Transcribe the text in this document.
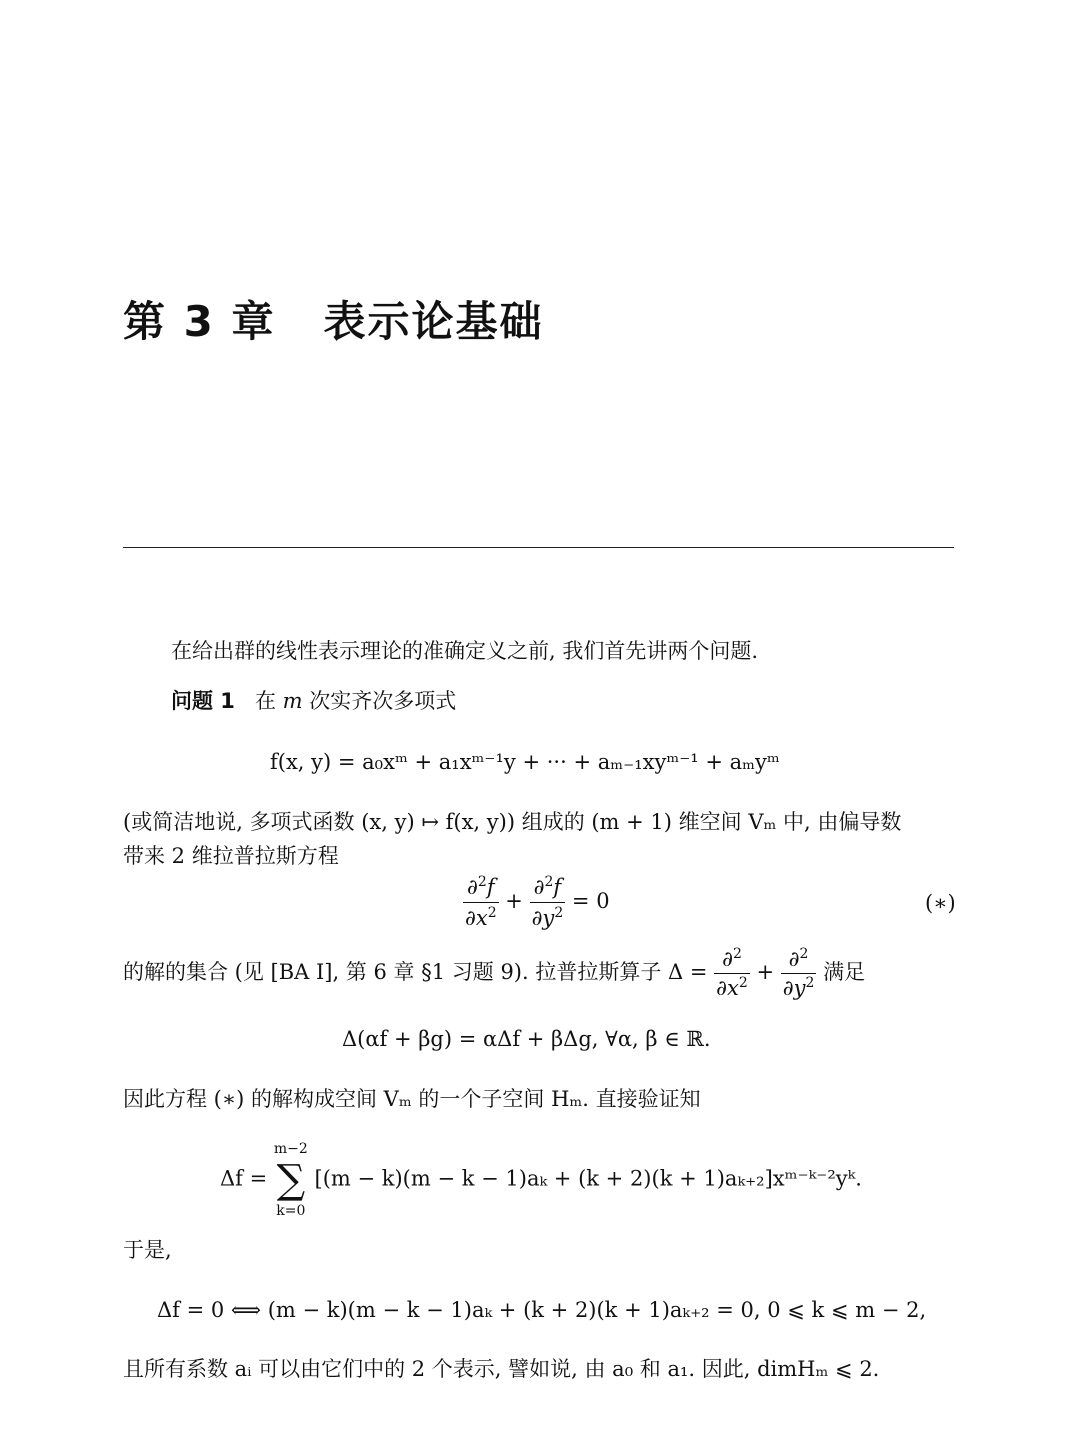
第 3 章 表示论基础

在给出群的线性表示理论的准确定义之前, 我们首先讲两个问题.

问题 1 在 m 次实齐次多项式

f(x, y) = a₀xᵐ + a₁xᵐ⁻¹y + ··· + aₘ₋₁xyᵐ⁻¹ + aₘyᵐ

(或简洁地说, 多项式函数 (x, y) ↦ f(x, y)) 组成的 (m + 1) 维空间 Vₘ 中, 由偏导数
带来 2 维拉普拉斯方程

$\frac{\partial^2f}{\partial x^2} + \frac{\partial^2f}{\partial y^2} = 0$	(∗)
的解的集合 (见 [BA I], 第 6 章 §1 习题 9). 拉普拉斯算子 $\Delta = \frac{\partial^2}{\partial x^2} + \frac{\partial^2}{\partial y^2}$ 满足
Δ(αf + βg) = αΔf + βΔg, ∀α, β ∈ ℝ.

因此方程 (∗) 的解构成空间 Vₘ 的一个子空间 Hₘ. 直接验证知

Δf =
m−2
∑
k=0
[(m − k)(m − k − 1)aₖ + (k + 2)(k + 1)aₖ₊₂]xᵐ⁻ᵏ⁻²yᵏ.

于是,

Δf = 0 ⟺ (m − k)(m − k − 1)aₖ + (k + 2)(k + 1)aₖ₊₂ = 0, 0 ⩽ k ⩽ m − 2,

且所有系数 aᵢ 可以由它们中的 2 个表示, 譬如说, 由 a₀ 和 a₁. 因此, dimHₘ ⩽ 2.
